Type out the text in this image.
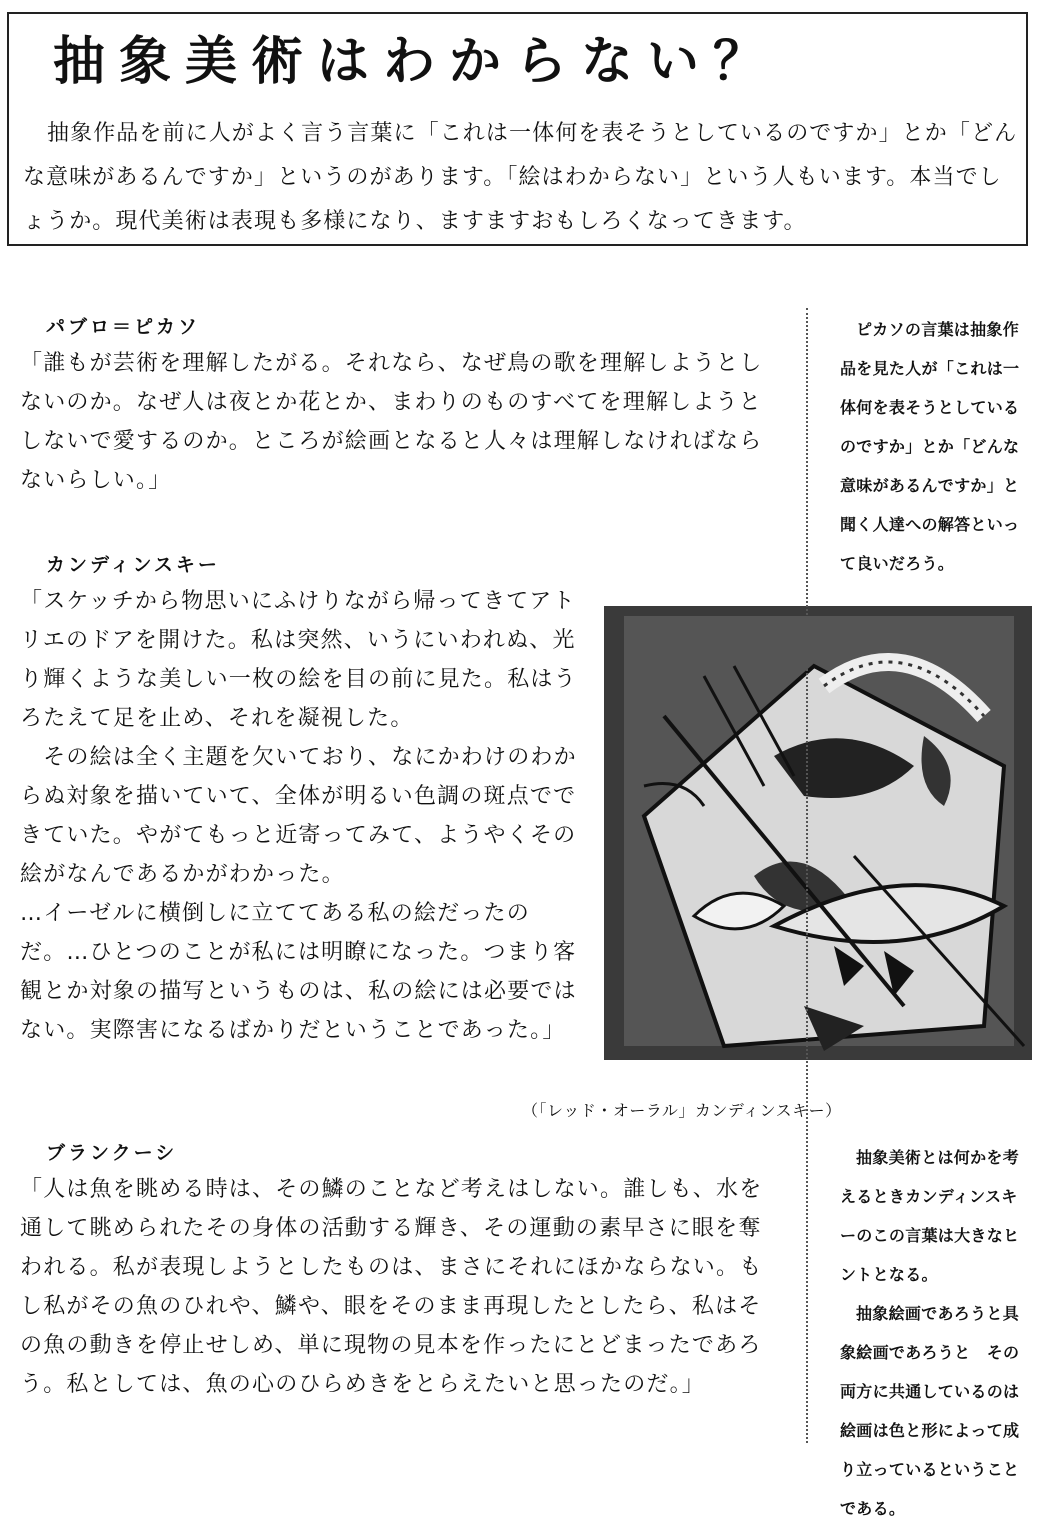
抽象美術はわからない？

抽象作品を前に人がよく言う言葉に「これは一体何を表そうとしているのですか」とか「どんな意味があるんですか」というのがあります。「絵はわからない」という人もいます。本当でしょうか。現代美術は表現も多様になり、ますますおもしろくなってきます。

パブロ＝ピカソ

「誰もが芸術を理解したがる。それなら、なぜ鳥の歌を理解しようとしないのか。なぜ人は夜とか花とか、まわりのものすべてを理解しようとしないで愛するのか。ところが絵画となると人々は理解しなければならないらしい。」

カンディンスキー

「スケッチから物思いにふけりながら帰ってきてアトリエのドアを開けた。私は突然、いうにいわれぬ、光り輝くような美しい一枚の絵を目の前に見た。私はうろたえて足を止め、それを凝視した。
　その絵は全く主題を欠いており、なにかわけのわからぬ対象を描いていて、全体が明るい色調の斑点でできていた。やがてもっと近寄ってみて、ようやくその絵がなんであるかがわかった。
…イーゼルに横倒しに立ててある私の絵だったのだ。…ひとつのことが私には明瞭になった。つまり客観とか対象の描写というものは、私の絵には必要ではない。実際害になるばかりだということであった。」

（「レッド・オーラル」カンディンスキー）
ブランクーシ

「人は魚を眺める時は、その鱗のことなど考えはしない。誰しも、水を通して眺められたその身体の活動する輝き、その運動の素早さに眼を奪われる。私が表現しようとしたものは、まさにそれにほかならない。もし私がその魚のひれや、鱗や、眼をそのまま再現したとしたら、私はその魚の動きを停止せしめ、単に現物の見本を作ったにとどまったであろう。私としては、魚の心のひらめきをとらえたいと思ったのだ。」

ピカソの言葉は抽象作品を見た人が「これは一体何を表そうとしているのですか」とか「どんな意味があるんですか」と聞く人達への解答といって良いだろう。

抽象美術とは何かを考えるときカンディンスキーのこの言葉は大きなヒントとなる。

抽象絵画であろうと具象絵画であろうと　その両方に共通しているのは絵画は色と形によって成り立っているということである。
